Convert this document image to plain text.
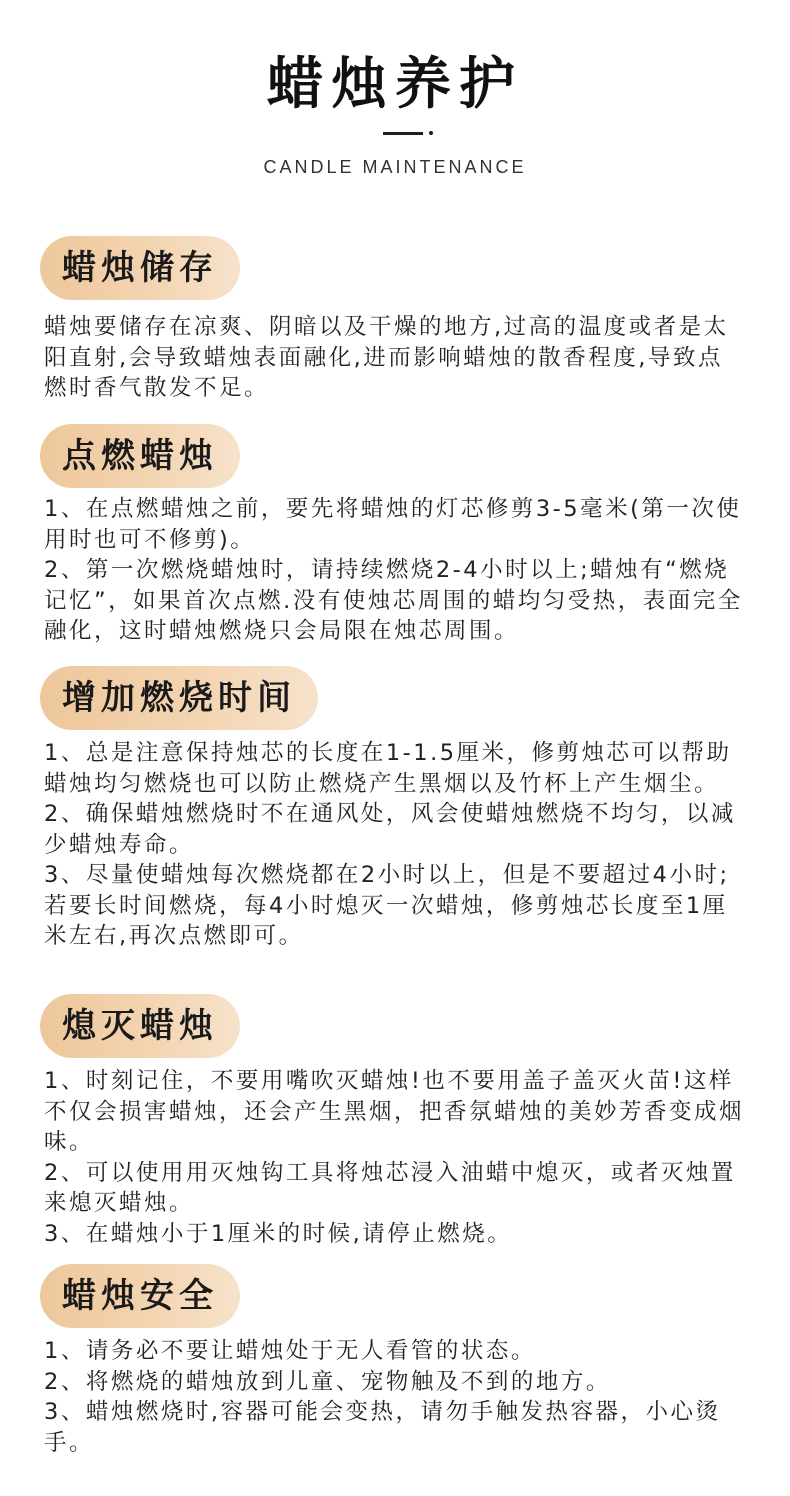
蜡烛养护
CANDLE MAINTENANCE
蜡烛储存

蜡烛要储存在凉爽、阴暗以及干燥的地方,过高的温度或者是太阳直射,会导致蜡烛表面融化,进而影响蜡烛的散香程度,导致点燃时香气散发不足。

点燃蜡烛

1、在点燃蜡烛之前，要先将蜡烛的灯芯修剪3-5毫米(第一次使用时也可不修剪)。

2、第一次燃烧蜡烛时，请持续燃烧2-4小时以上;蜡烛有“燃烧记忆”，如果首次点燃.没有使烛芯周围的蜡均匀受热，表面完全融化，这时蜡烛燃烧只会局限在烛芯周围。

增加燃烧时间

1、总是注意保持烛芯的长度在1-1.5厘米，修剪烛芯可以帮助蜡烛均匀燃烧也可以防止燃烧产生黑烟以及竹杯上产生烟尘。

2、确保蜡烛燃烧时不在通风处，风会使蜡烛燃烧不均匀，以减少蜡烛寿命。

3、尽量使蜡烛每次燃烧都在2小时以上，但是不要超过4小时;若要长时间燃烧，每4小时熄灭一次蜡烛，修剪烛芯长度至1厘米左右,再次点燃即可。

熄灭蜡烛

1、时刻记住，不要用嘴吹灭蜡烛!也不要用盖子盖灭火苗!这样不仅会损害蜡烛，还会产生黑烟，把香氛蜡烛的美妙芳香变成烟味。

2、可以使用用灭烛钩工具将烛芯浸入油蜡中熄灭，或者灭烛置来熄灭蜡烛。

3、在蜡烛小于1厘米的时候,请停止燃烧。

蜡烛安全

1、请务必不要让蜡烛处于无人看管的状态。

2、将燃烧的蜡烛放到儿童、宠物触及不到的地方。

3、蜡烛燃烧时,容器可能会变热，请勿手触发热容器，小心烫手。
